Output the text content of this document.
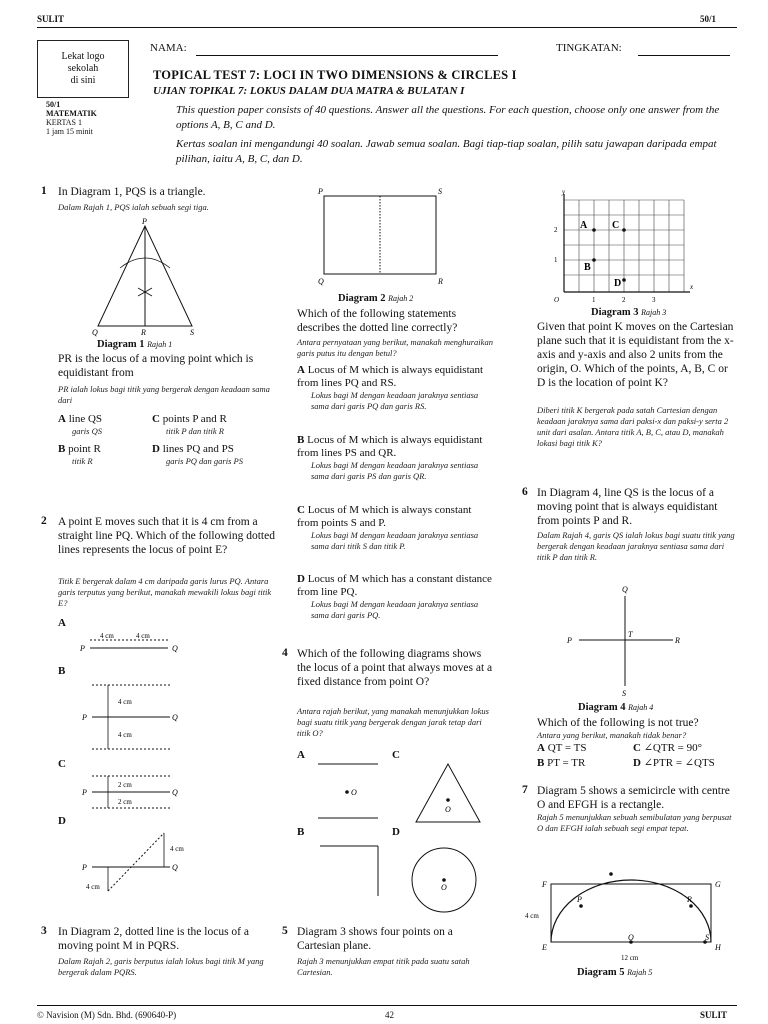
SULIT	50/1
Lekat logo
sekolah
di sini
NAMA:	TINGKATAN:
TOPICAL TEST 7: LOCI IN TWO DIMENSIONS & CIRCLES I
UJIAN TOPIKAL 7: LOKUS DALAM DUA MATRA & BULATAN I
50/1
MATEMATIK
KERTAS 1
1 jam 15 minit
This question paper consists of 40 questions. Answer all the questions. For each question, choose only one answer from the options A, B, C and D.
Kertas soalan ini mengandungi 40 soalan. Jawab semua soalan. Bagi tiap-tiap soalan, pilih satu jawapan daripada empat pilihan, iaitu A, B, C, dan D.
1 In Diagram 1, PQS is a triangle.
Dalam Rajah 1, PQS ialah sebuah segi tiga.
P
Q	R	S
Diagram 1 Rajah 1
PR is the locus of a moving point which is equidistant from
PR ialah lokus bagi titik yang bergerak dengan keadaan sama dari
A line QS
garis QS
C points P and R
titik P dan titik R
B point R
titik R
D lines PQ and PS
garis PQ dan garis PS
2 A point E moves such that it is 4 cm from a straight line PQ. Which of the following dotted lines represents the locus of point E?
Titik E bergerak dalam 4 cm daripada garis lurus PQ. Antara garis terputus yang berikut, manakah mewakili lokus bagi titik E?
A
P	Q
4 cm	4 cm
B
P	Q
4 cm
4 cm
C
P	Q
2 cm
2 cm
D
P	Q
4 cm
4 cm
3 In Diagram 2, dotted line is the locus of a moving point M in PQRS.
Dalam Rajah 2, garis berputus ialah lokus bagi titik M yang bergerak dalam PQRS.
P	S
Q	R
Diagram 2 Rajah 2
Which of the following statements describes the dotted line correctly?
Antara pernyataan yang berikut, manakah menghuraikan garis putus itu dengan betul?
A Locus of M which is always equidistant from lines PQ and RS.
Lokus bagi M dengan keadaan jaraknya sentiasa sama dari garis PQ dan garis RS.
B Locus of M which is always equidistant from lines PS and QR.
Lokus bagi M dengan keadaan jaraknya sentiasa sama dari garis PS dan garis QR.
C Locus of M which is always constant from points S and P.
Lokus bagi M dengan keadaan jaraknya sentiasa sama dari titik S dan titik P.
D Locus of M which has a constant distance from line PQ.
Lokus bagi M dengan keadaan jaraknya sentiasa sama dari garis PQ.
4 Which of the following diagrams shows the locus of a point that always moves at a fixed distance from point O?
Antara rajah berikut, yang manakah menunjukkan lokus bagi suatu titik yang bergerak dengan jarak tetap dari titik O?
A
O
C
O
B	D
O
5 Diagram 3 shows four points on a Cartesian plane.
Rajah 3 menunjukkan empat titik pada suatu satah Cartesian.
A C
B
D
y
x
O	1	2	3
1
2
Diagram 3 Rajah 3
Given that point K moves on the Cartesian plane such that it is equidistant from the x-axis and y-axis and also 2 units from the origin, O. Which of the points, A, B, C or D is the location of point K?
Diberi titik K bergerak pada satah Cartesian dengan keadaan jaraknya sama dari paksi-x dan paksi-y serta 2 unit dari asalan. Antara titik A, B, C, atau D, manakah lokasi bagi titik K?
6 In Diagram 4, line QS is the locus of a moving point that is always equidistant from points P and R.
Dalam Rajah 4, garis QS ialah lokus bagi suatu titik yang bergerak dengan keadaan jaraknya sentiasa sama dari titik P dan titik R.
Q
S
P	R
T
Diagram 4 Rajah 4
Which of the following is not true?
Antara yang berikut, manakah tidak benar?
A QT = TS	C ∠QTR = 90°
B PT = TR	D ∠PTR = ∠QTS
7 Diagram 5 shows a semicircle with centre O and EFGH is a rectangle.
Rajah 5 menunjukkan sebuah semibulatan yang berpusat O dan EFGH ialah sebuah segi empat tepat.
F	G
E	H
O
P	R
S
4 cm
12 cm
Diagram 5 Rajah 5
© Navision (M) Sdn. Bhd. (690640-P)	42	SULIT
